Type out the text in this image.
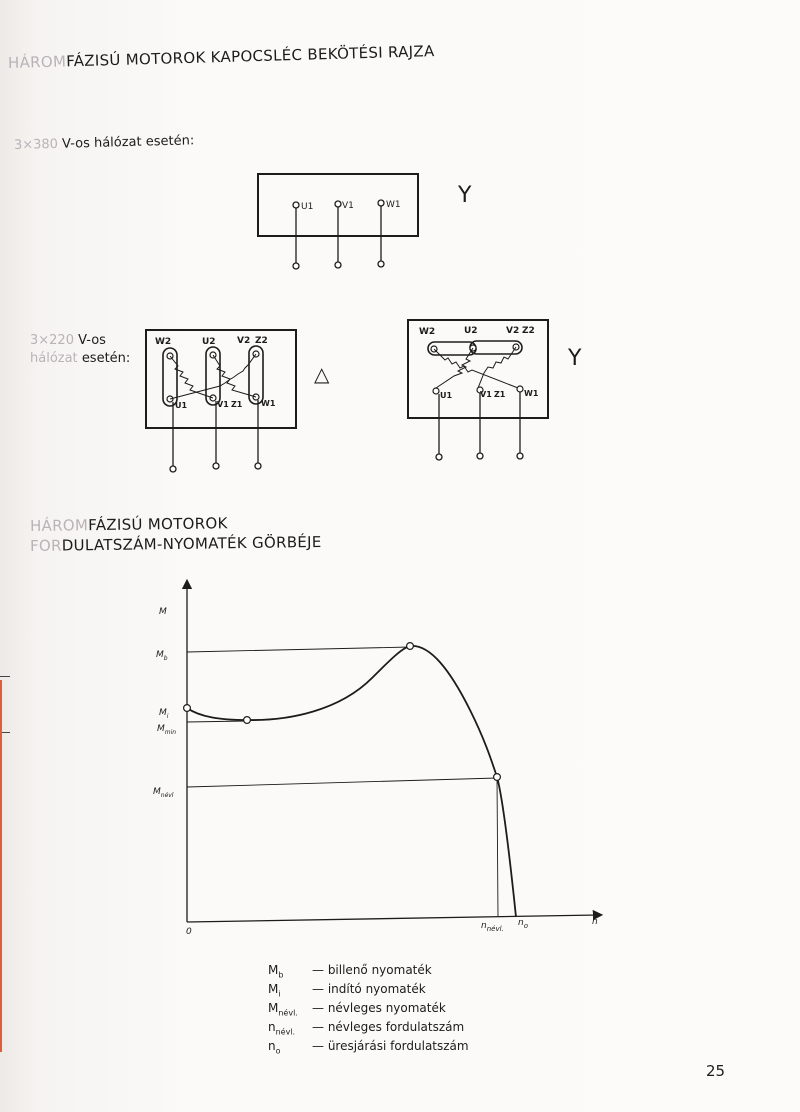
HÁROMFÁZISÚ MOTOROK KAPOCSLÉC BEKÖTÉSI RAJZA
3×380 V-os hálózat esetén:
U1	V1	W1	Y
3×220 V-os
hálózat esetén:
W2	U2 V2 Z2
U1	V1 Z1 W1
△
W2	U2	V2 Z2
U1	V1 Z1 W1
Y
HÁROMFÁZISÚ MOTOROK
FORDULATSZÁM-NYOMATÉK GÖRBÉJE
M
n
0
$M_b$
$M_i$
$M_{min}$
$M_{névl}$
$n_{névl.}$
$n_o$
$M_b$ — billenő nyomaték
$M_i$	— indító nyomaték
$M_{névl.}$ — névleges nyomaték
$n_{névl.}$ — névleges fordulatszám
$n_o$	— üresjárási fordulatszám
25
